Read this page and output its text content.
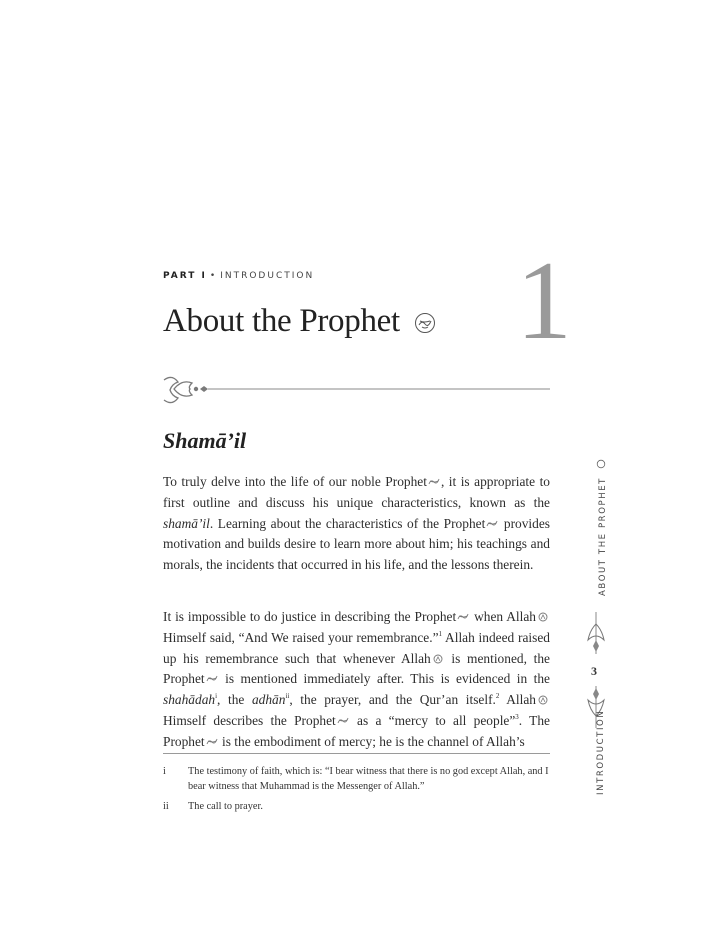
PART I • INTRODUCTION
About the Prophet	1
Shamā’il
To truly delve into the life of our noble Prophet , it is appropriate to first outline and discuss his unique characteristics, known as the shamā’il. Learning about the characteristics of the Prophet provides motivation and builds desire to learn more about him; his teachings and morals, the incidents that occurred in his life, and the lessons therein.
It is impossible to do justice in describing the Prophet when Allah Himself said, “And We raised your remembrance.”$^1$ Allah indeed raised up his remembrance such that whenever Allah is mentioned, the Prophet is mentioned immediately after. This is evidenced in the shahādah$^i$, the adhān$^{ii}$, the prayer, and the Qur’an itself.$^2$ Allah Himself describes the Prophet as a “mercy to all people”$^3$. The Prophet is the embodiment of mercy; he is the channel of Allah’s
i	The testimony of faith, which is: “I bear witness that there is no god except Allah, and I bear witness that Muhammad is the Messenger of Allah.”
ii	The call to prayer.
ABOUT THE PROPHET
3
INTRODUCTION
